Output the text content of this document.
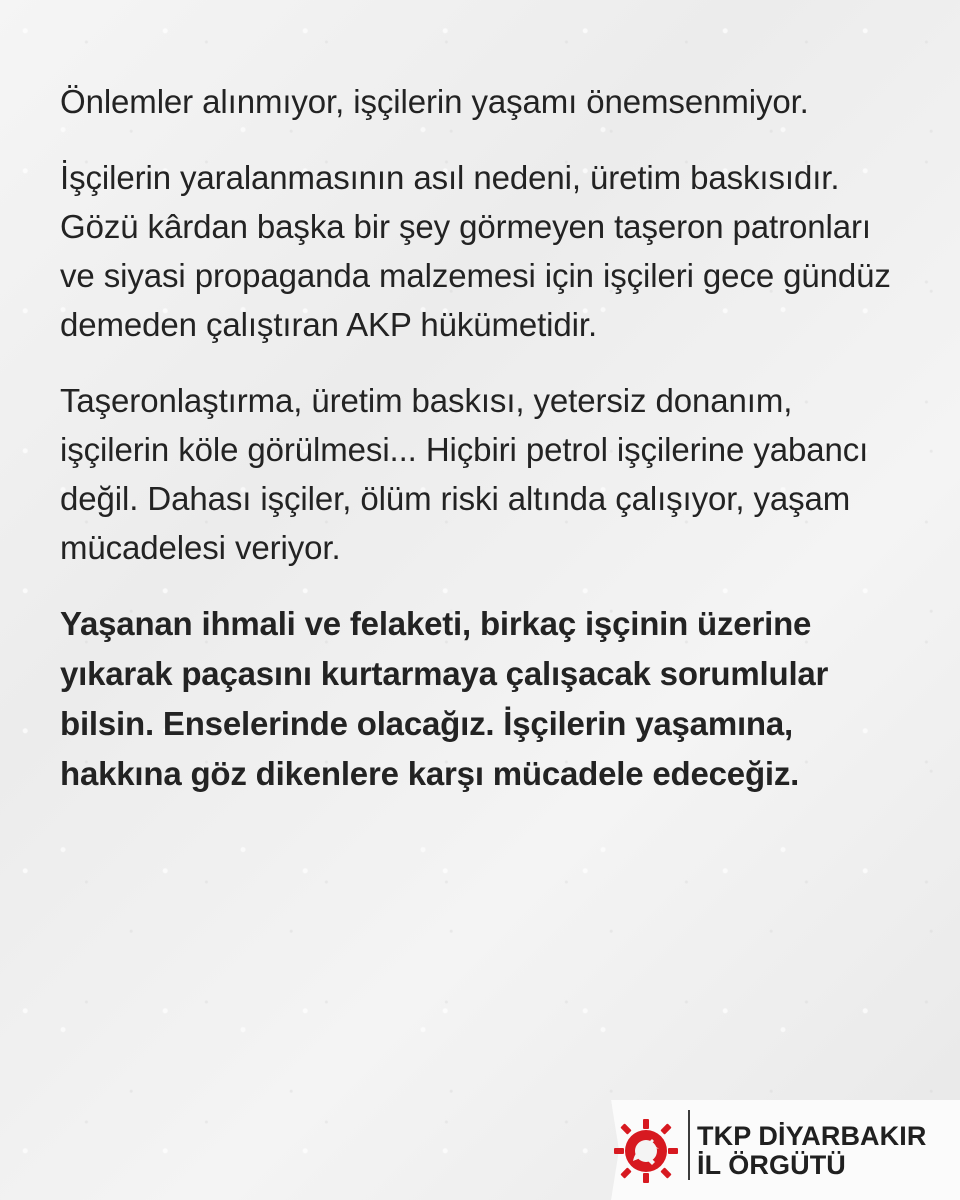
Önlemler alınmıyor, işçilerin yaşamı önemsenmiyor.

İşçilerin yaralanmasının asıl nedeni, üretim baskısıdır. Gözü kârdan başka bir şey görmeyen taşeron patronları ve siyasi propaganda malzemesi için işçileri gece gündüz demeden çalıştıran AKP hükümetidir.

Taşeronlaştırma, üretim baskısı, yetersiz donanım, işçilerin köle görülmesi... Hiçbiri petrol işçilerine yabancı değil. Dahası işçiler, ölüm riski altında çalışıyor, yaşam mücadelesi veriyor.

Yaşanan ihmali ve felaketi, birkaç işçinin üzerine yıkarak paçasını kurtarmaya çalışacak sorumlular bilsin. Enselerinde olacağız. İşçilerin yaşamına, hakkına göz dikenlere karşı mücadele edeceğiz.

TKP DİYARBAKIR
İL ÖRGÜTÜ
